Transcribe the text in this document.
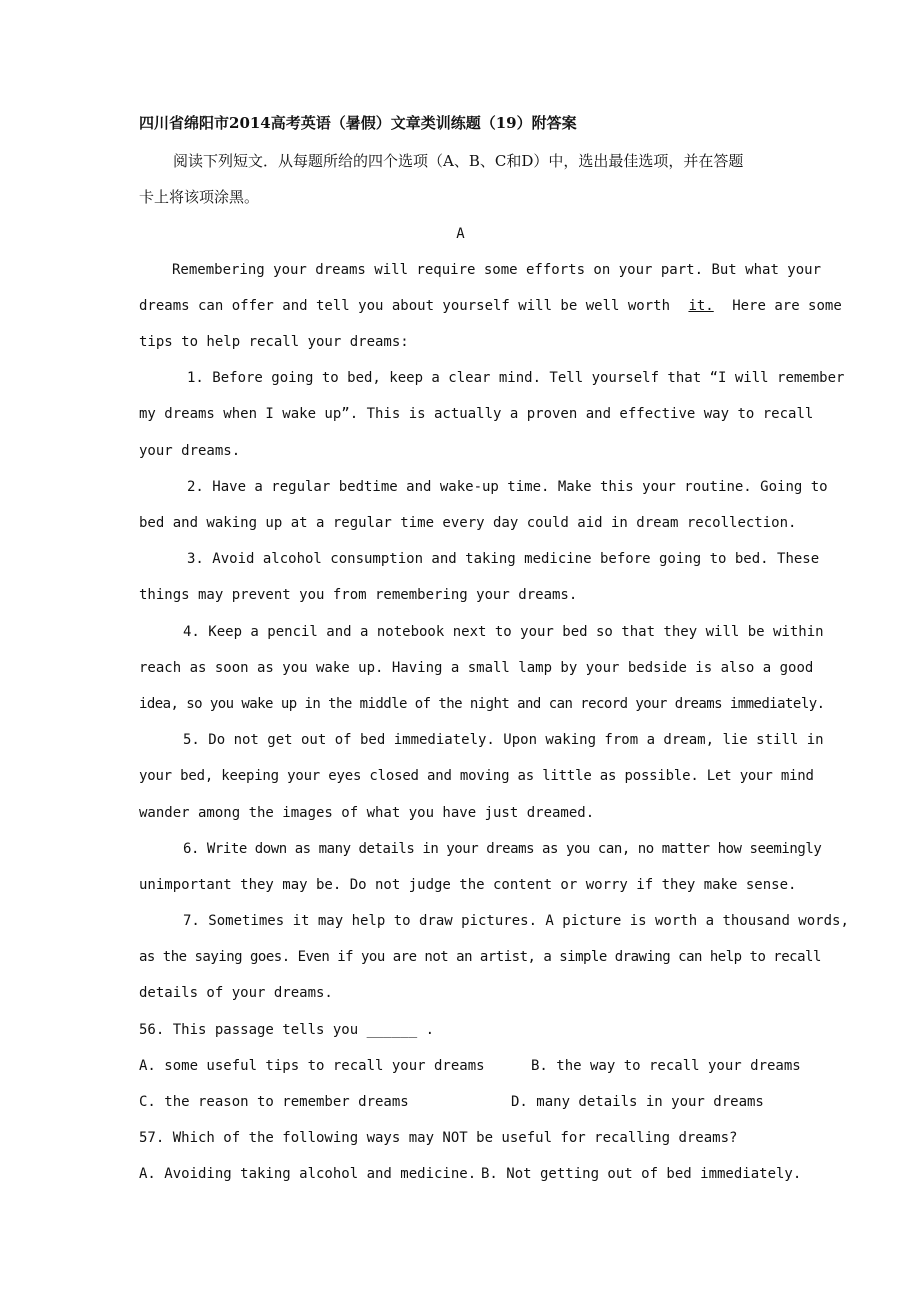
四川省绵阳市2014高考英语（暑假）文章类训练题（19）附答案
阅读下列短文．从每题所给的四个选项（A、B、C和D）中，选出最佳选项，并在答题
卡上将该项涂黑。
A
Remembering your dreams will require some efforts on your part. But what your
dreams can offer and tell you about yourself will be well worth it. Here are some
tips to help recall your dreams:
1. Before going to bed, keep a clear mind. Tell yourself that “I will remember
my dreams when I wake up”. This is actually a proven and effective way to recall
your dreams.
2. Have a regular bedtime and wake-up time. Make this your routine. Going to
bed and waking up at a regular time every day could aid in dream recollection.
3. Avoid alcohol consumption and taking medicine before going to bed. These
things may prevent you from remembering your dreams.
4. Keep a pencil and a notebook next to your bed so that they will be within
reach as soon as you wake up. Having a small lamp by your bedside is also a good
idea, so you wake up in the middle of the night and can record your dreams immediately.
5. Do not get out of bed immediately. Upon waking from a dream, lie still in
your bed, keeping your eyes closed and moving as little as possible. Let your mind
wander among the images of what you have just dreamed.
6. Write down as many details in your dreams as you can, no matter how seemingly
unimportant they may be. Do not judge the content or worry if they make sense.
7. Sometimes it may help to draw pictures. A picture is worth a thousand words,
as the saying goes. Even if you are not an artist, a simple drawing can help to recall
details of your dreams.
56. This passage tells you ______ .
A. some useful tips to recall your dreams	B. the way to recall your dreams
C. the reason to remember dreams	D. many details in your dreams
57. Which of the following ways may NOT be useful for recalling dreams?
A. Avoiding taking alcohol and medicine. B. Not getting out of bed immediately.
